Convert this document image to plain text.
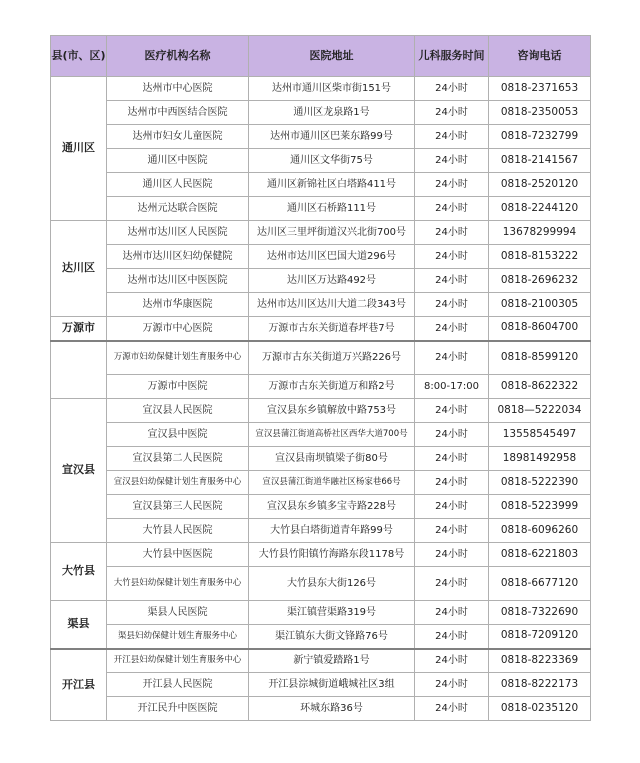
县(市、区)	医疗机构名称	医院地址	儿科服务时间	咨询电话
通川区	达州市中心医院	达州市通川区柴市街151号	24小时	0818-2371653
	达州市中西医结合医院	通川区龙泉路1号	24小时	0818-2350053
	达州市妇女儿童医院	达州市通川区巴莱东路99号	24小时	0818-7232799
	通川区中医院	通川区文华街75号	24小时	0818-2141567
	通川区人民医院	通川区新锦社区白塔路411号	24小时	0818-2520120
	达州元达联合医院	通川区石桥路111号	24小时	0818-2244120
达川区	达州市达川区人民医院	达川区三里坪街道汉兴北街700号	24小时	13678299994
	达州市达川区妇幼保健院	达州市达川区巴国大道296号	24小时	0818-8153222
	达州市达川区中医医院	达川区万达路492号	24小时	0818-2696232
	达州市华康医院	达州市达川区达川大道二段343号	24小时	0818-2100305
万源市	万源市中心医院	万源市古东关街道春坪巷7号	24小时	0818-8604700
	万源市妇幼保健计划生育服务中心	万源市古东关街道万兴路226号	24小时	0818-8599120
	万源市中医院	万源市古东关街道万和路2号	8:00-17:00	0818-8622322
宣汉县	宣汉县人民医院	宣汉县东乡镇解放中路753号	24小时	0818—5222034
	宣汉县中医院	宣汉县蒲江街道高桥社区西华大道700号	24小时	13558545497
	宣汉县第二人民医院	宣汉县南坝镇梁子街80号	24小时	18981492958
	宣汉县妇幼保健计划生育服务中心	宣汉县蒲江街道华融社区杨家巷66号	24小时	0818-5222390
	宣汉县第三人民医院	宣汉县东乡镇多宝寺路228号	24小时	0818-5223999
	大竹县人民医院	大竹县白塔街道青年路99号	24小时	0818-6096260
大竹县	大竹县中医医院	大竹县竹阳镇竹海路东段1178号	24小时	0818-6221803
	大竹县妇幼保健计划生育服务中心	大竹县东大街126号	24小时	0818-6677120
渠县	渠县人民医院	渠江镇营渠路319号	24小时	0818-7322690
	渠县妇幼保健计划生育服务中心	渠江镇东大街文锋路76号	24小时	0818-7209120
开江县	开江县妇幼保健计划生育服务中心	新宁镇爱踏路1号	24小时	0818-8223369
	开江县人民医院	开江县淙城街道峨城社区3组	24小时	0818-8222173
	开江民升中医医院	环城东路36号	24小时	0818-0235120
